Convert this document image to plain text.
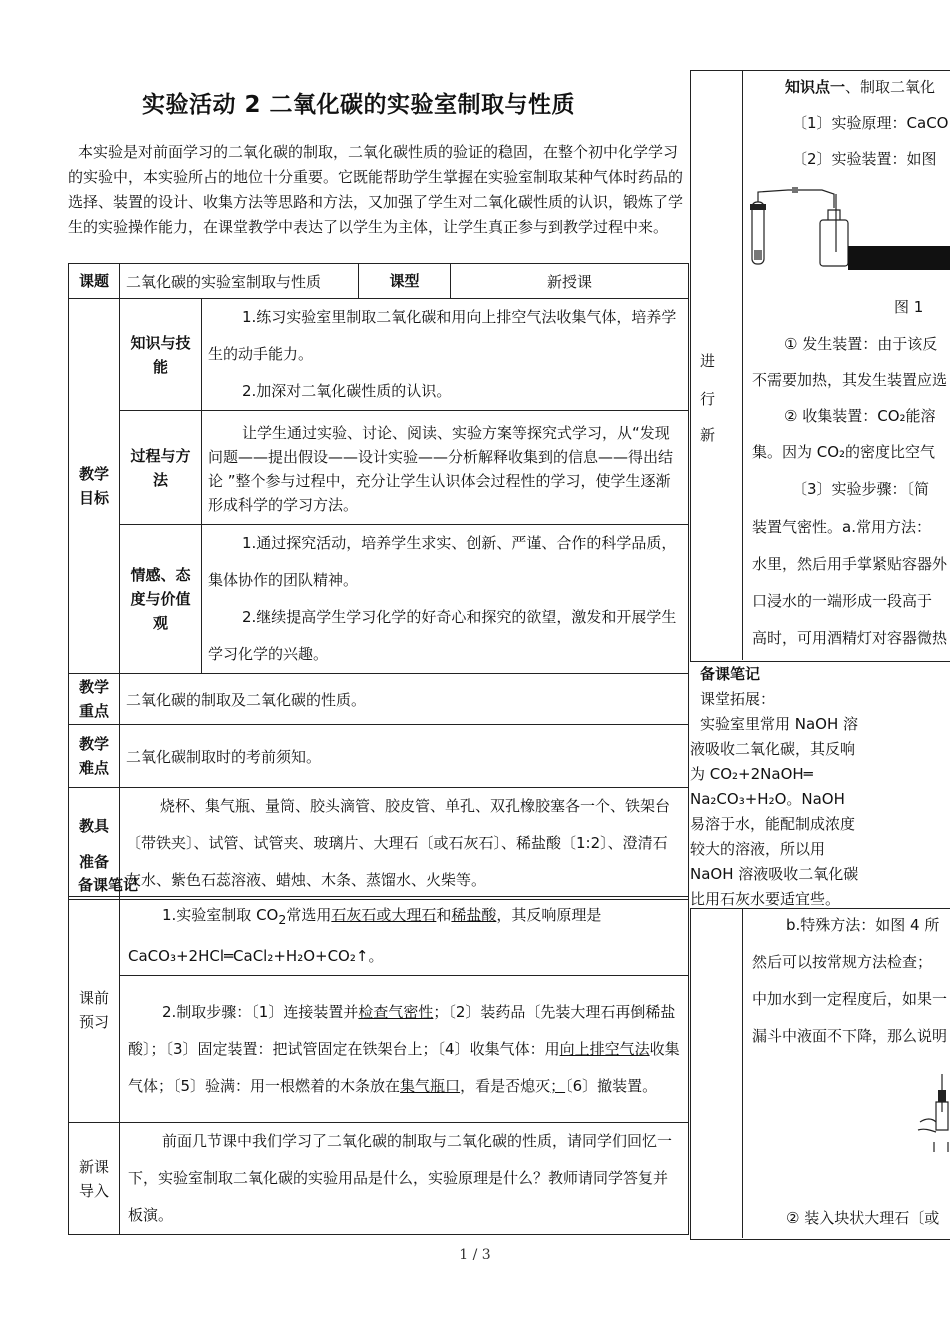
实验活动 2 二氧化碳的实验室制取与性质
本实验是对前面学习的二氧化碳的制取，二氧化碳性质的验证的稳固，在整个初中化学学习的实验中，本实验所占的地位十分重要。它既能帮助学生掌握在实验室制取某种气体时药品的选择、装置的设计、收集方法等思路和方法，又加强了学生对二氧化碳性质的认识，锻炼了学生的实验操作能力，在课堂教学中表达了以学生为主体，让学生真正参与到教学过程中来。
课题	二氧化碳的实验室制取与性质		课型	新授课
教学目标	知识与技能	1.练习实验室里制取二氧化碳和用向上排空气法收集气体，培养学生的动手能力。
2.加深对二氧化碳性质的认识。		

	过程与方法	让学生通过实验、讨论、阅读、实验方案等探究式学习，从“发现问题——提出假设——设计实验——分析解释收集到的信息——得出结论 ”整个参与过程中，充分让学生认识体会过程性的学习，使学生逐渐形成科学的学习方法。		

	情感、态度与价值观	1.通过探究活动，培养学生求实、创新、严谨、合作的科学品质，集体协作的团队精神。
2.继续提高学生学习化学的好奇心和探究的欲望，激发和开展学生学习化学的兴趣。		

教学重点	二氧化碳的制取及二氧化碳的性质。			
教学难点	二氧化碳制取时的考前须知。			
教具准备	烧杯、集气瓶、量筒、胶头滴管、胶皮管、单孔、双孔橡胶塞各一个、铁架台〔带铁夹〕、试管、试管夹、玻璃片、大理石〔或石灰石〕、稀盐酸〔1:2〕、澄清石灰水、紫色石蕊溶液、蜡烛、木条、蒸馏水、火柴等。			
备课笔记
课前预习	1.实验室制取 $CO_2$常选用石灰石或大理石和稀盐酸，其反响原理是
CaCO₃+2HCl═CaCl₂+H₂O+CO₂↑。

	2.制取步骤：〔1〕连接装置并检查气密性；〔2〕装药品〔先装大理石再倒稀盐酸〕；〔3〕固定装置：把试管固定在铁架台上；〔4〕收集气体：用向上排空气法收集气体；〔5〕验满：用一根燃着的木条放在集气瓶口，看是否熄灭；〔6〕撤装置。

新课导入	前面几节课中我们学习了二氧化碳的制取与二氧化碳的性质，请同学们回忆一下，实验室制取二氧化碳的实验用品是什么，实验原理是什么？教师请同学答复并板演。
知识点一、制取二氧化
〔1〕实验原理：CaCO
〔2〕实验装置：如图
图 1
进
行
新
① 发生装置：由于该反
不需要加热，其发生装置应选
② 收集装置：CO₂能溶
集。因为 CO₂的密度比空气
〔3〕实验步骤：〔简
装置气密性。a.常用方法：
水里，然后用手掌紧贴容器外
口浸水的一端形成一段高于
高时，可用酒精灯对容器微热
备课笔记
课堂拓展：
实验室里常用 NaOH 溶
液吸收二氧化碳，其反响
为 CO₂+2NaOH═
Na₂CO₃+H₂O。NaOH
易溶于水，能配制成浓度
较大的溶液，所以用
NaOH 溶液吸收二氧化碳
比用石灰水要适宜些。
b.特殊方法：如图 4 所
然后可以按常规方法检查；
中加水到一定程度后，如果一
漏斗中液面不下降，那么说明
② 装入块状大理石〔或
1 / 3
